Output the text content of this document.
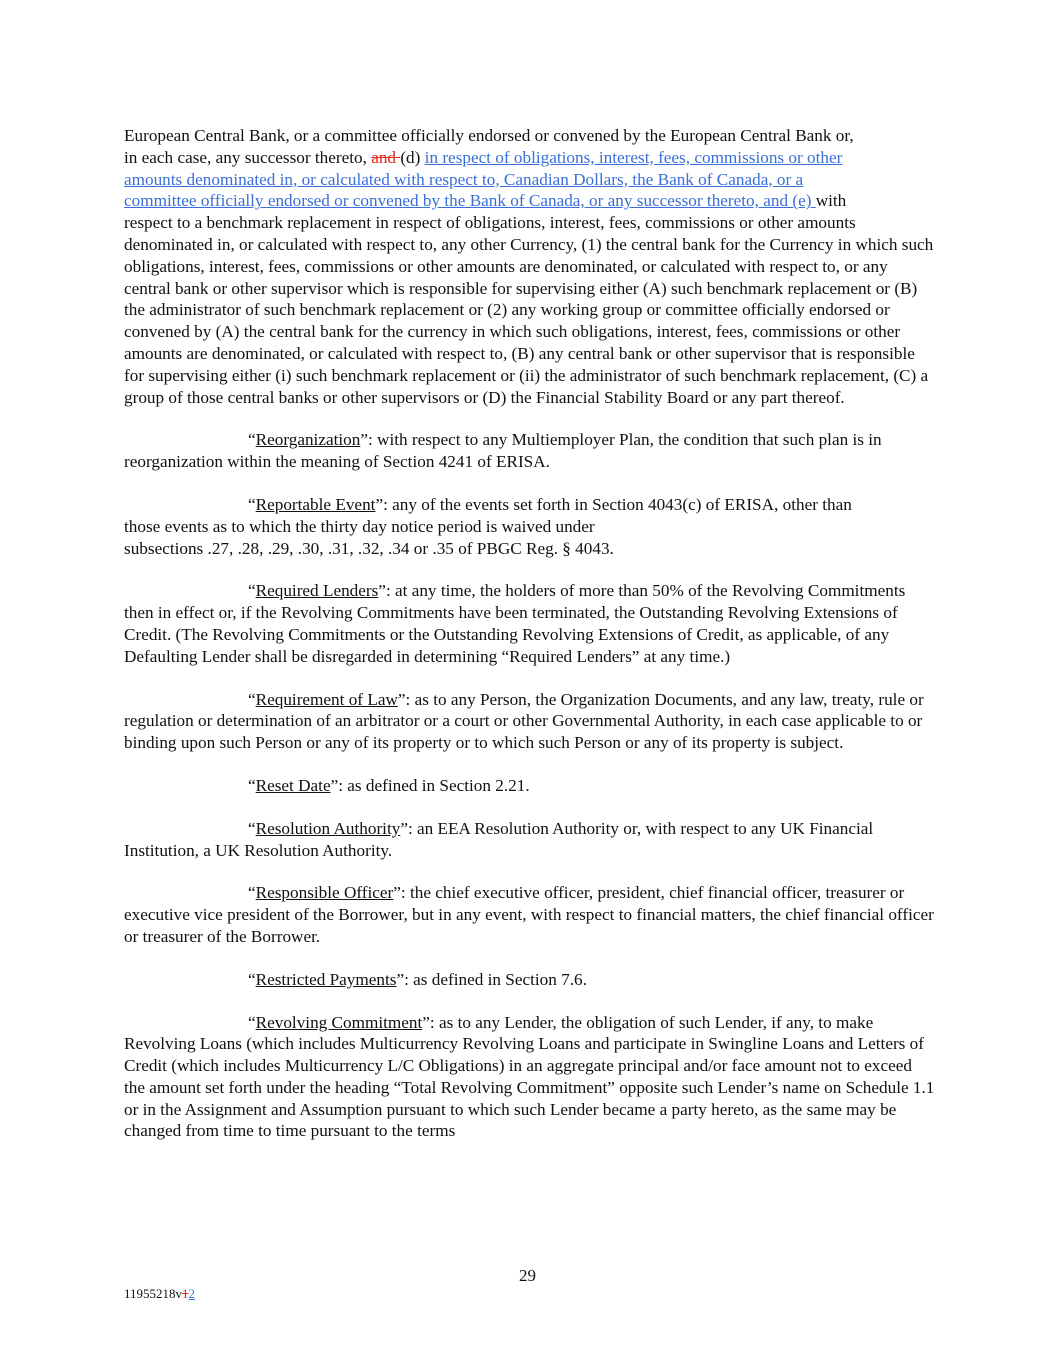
European Central Bank, or a committee officially endorsed or convened by the European Central Bank or,
in each case, any successor thereto, and (d) in respect of obligations, interest, fees, commissions or other
amounts denominated in, or calculated with respect to, Canadian Dollars, the Bank of Canada, or a
committee officially endorsed or convened by the Bank of Canada, or any successor thereto, and (e) with
respect to a benchmark replacement in respect of obligations, interest, fees, commissions or other amounts denominated in, or calculated with respect to, any other Currency, (1) the central bank for the Currency in which such obligations, interest, fees, commissions or other amounts are denominated, or calculated with respect to, or any central bank or other supervisor which is responsible for supervising either (A) such benchmark replacement or (B) the administrator of such benchmark replacement or (2) any working group or committee officially endorsed or convened by (A) the central bank for the currency in which such obligations, interest, fees, commissions or other amounts are denominated, or calculated with respect to, (B) any central bank or other supervisor that is responsible for supervising either (i) such benchmark replacement or (ii) the administrator of such benchmark replacement, (C) a group of those central banks or other supervisors or (D) the Financial Stability Board or any part thereof.

“Reorganization”: with respect to any Multiemployer Plan, the condition that such plan is in reorganization within the meaning of Section 4241 of ERISA.

“Reportable Event”: any of the events set forth in Section 4043(c) of ERISA, other than
those events as to which the thirty day notice period is waived under
subsections .27, .28, .29, .30, .31, .32, .34 or .35 of PBGC Reg. § 4043.

“Required Lenders”: at any time, the holders of more than 50% of the Revolving Commitments then in effect or, if the Revolving Commitments have been terminated, the Outstanding Revolving Extensions of Credit. (The Revolving Commitments or the Outstanding Revolving Extensions of Credit, as applicable, of any Defaulting Lender shall be disregarded in determining “Required Lenders” at any time.)

“Requirement of Law”: as to any Person, the Organization Documents, and any law, treaty, rule or regulation or determination of an arbitrator or a court or other Governmental Authority, in each case applicable to or binding upon such Person or any of its property or to which such Person or any of its property is subject.

“Reset Date”: as defined in Section 2.21.

“Resolution Authority”: an EEA Resolution Authority or, with respect to any UK Financial Institution, a UK Resolution Authority.

“Responsible Officer”: the chief executive officer, president, chief financial officer, treasurer or executive vice president of the Borrower, but in any event, with respect to financial matters, the chief financial officer or treasurer of the Borrower.

“Restricted Payments”: as defined in Section 7.6.

“Revolving Commitment”: as to any Lender, the obligation of such Lender, if any, to make Revolving Loans (which includes Multicurrency Revolving Loans and participate in Swingline Loans and Letters of Credit (which includes Multicurrency L/C Obligations) in an aggregate principal and/or face amount not to exceed the amount set forth under the heading “Total Revolving Commitment” opposite such Lender’s name on Schedule 1.1 or in the Assignment and Assumption pursuant to which such Lender became a party hereto, as the same may be changed from time to time pursuant to the terms

29
11955218v12
